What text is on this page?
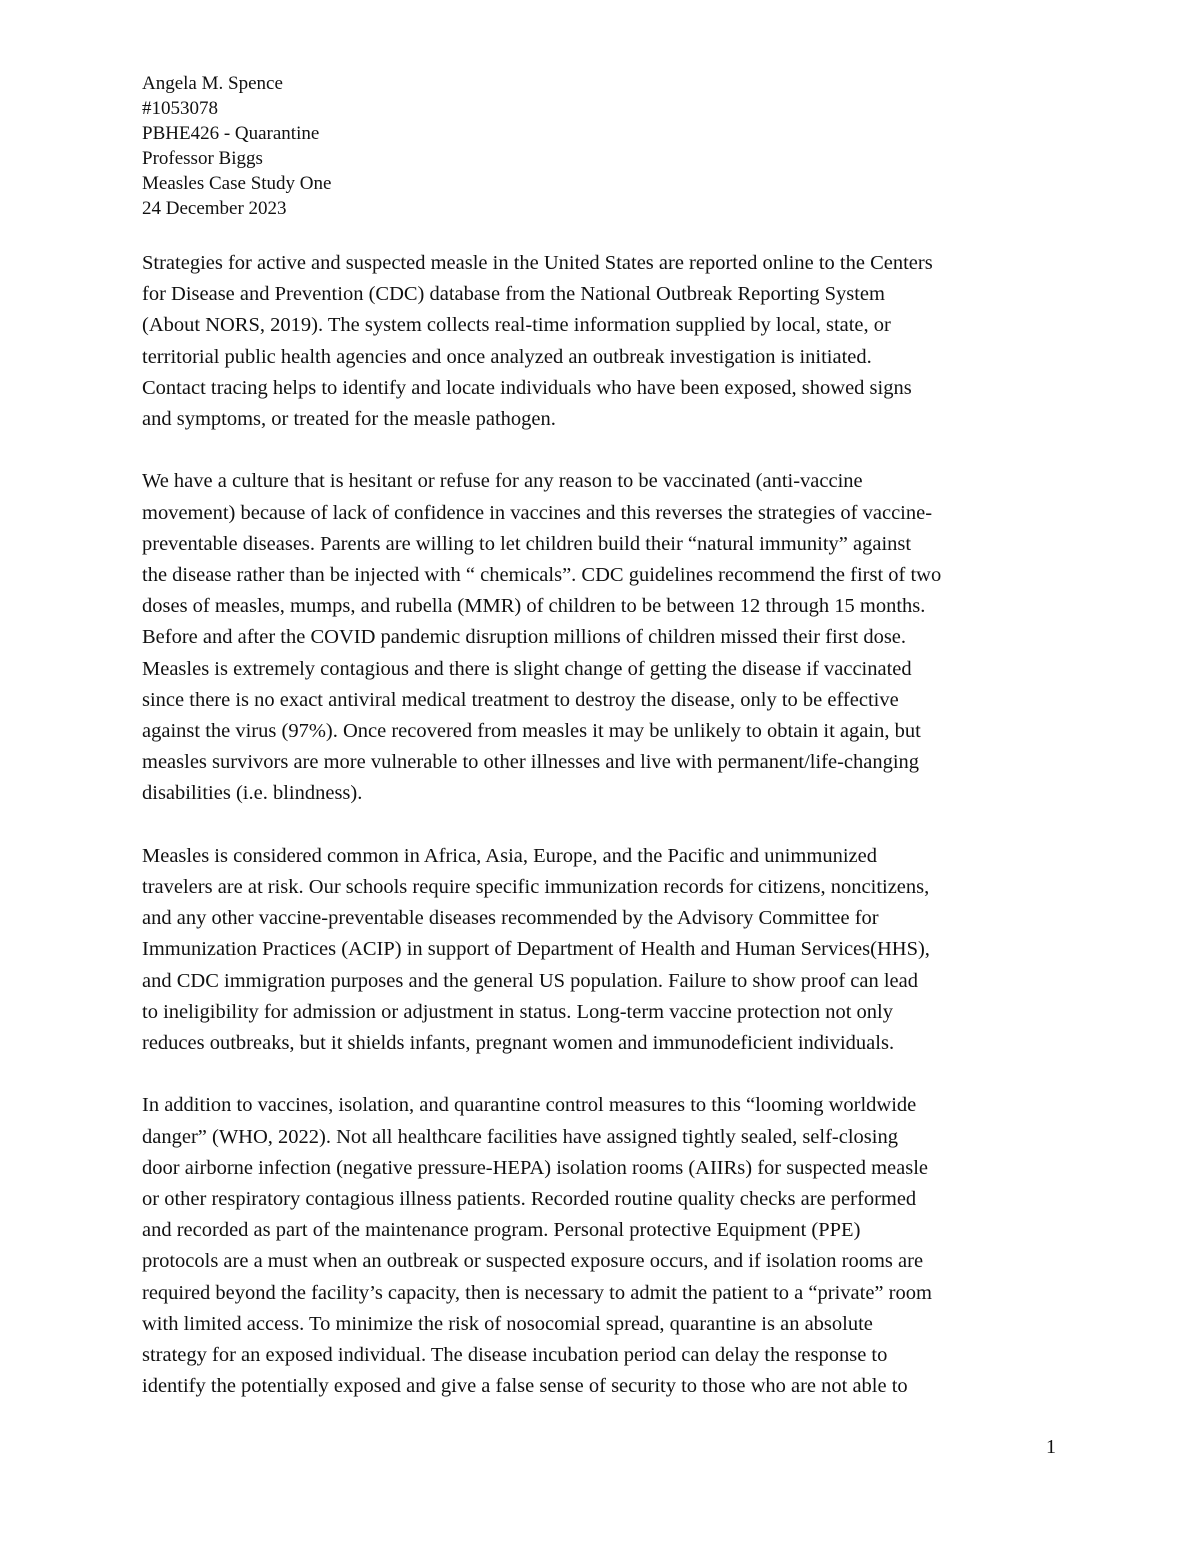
Angela M. Spence
#1053078
PBHE426 - Quarantine
Professor Biggs
Measles Case Study One
24 December 2023
Strategies for active and suspected measle in the United States are reported online to the Centers
for Disease and Prevention (CDC) database from the National Outbreak Reporting System
(About NORS, 2019). The system collects real-time information supplied by local, state, or
territorial public health agencies and once analyzed an outbreak investigation is initiated.
Contact tracing helps to identify and locate individuals who have been exposed, showed signs
and symptoms, or treated for the measle pathogen.
We have a culture that is hesitant or refuse for any reason to be vaccinated (anti-vaccine
movement) because of lack of confidence in vaccines and this reverses the strategies of vaccine-
preventable diseases. Parents are willing to let children build their “natural immunity” against
the disease rather than be injected with “ chemicals”. CDC guidelines recommend the first of two
doses of measles, mumps, and rubella (MMR) of children to be between 12 through 15 months.
Before and after the COVID pandemic disruption millions of children missed their first dose.
Measles is extremely contagious and there is slight change of getting the disease if vaccinated
since there is no exact antiviral medical treatment to destroy the disease, only to be effective
against the virus (97%). Once recovered from measles it may be unlikely to obtain it again, but
measles survivors are more vulnerable to other illnesses and live with permanent/life-changing
disabilities (i.e. blindness).
Measles is considered common in Africa, Asia, Europe, and the Pacific and unimmunized
travelers are at risk. Our schools require specific immunization records for citizens, noncitizens,
and any other vaccine-preventable diseases recommended by the Advisory Committee for
Immunization Practices (ACIP) in support of Department of Health and Human Services(HHS),
and CDC immigration purposes and the general US population. Failure to show proof can lead
to ineligibility for admission or adjustment in status. Long-term vaccine protection not only
reduces outbreaks, but it shields infants, pregnant women and immunodeficient individuals.
In addition to vaccines, isolation, and quarantine control measures to this “looming worldwide
danger” (WHO, 2022). Not all healthcare facilities have assigned tightly sealed, self-closing
door airborne infection (negative pressure-HEPA) isolation rooms (AIIRs) for suspected measle
or other respiratory contagious illness patients. Recorded routine quality checks are performed
and recorded as part of the maintenance program. Personal protective Equipment (PPE)
protocols are a must when an outbreak or suspected exposure occurs, and if isolation rooms are
required beyond the facility’s capacity, then is necessary to admit the patient to a “private” room
with limited access. To minimize the risk of nosocomial spread, quarantine is an absolute
strategy for an exposed individual. The disease incubation period can delay the response to
identify the potentially exposed and give a false sense of security to those who are not able to
1
